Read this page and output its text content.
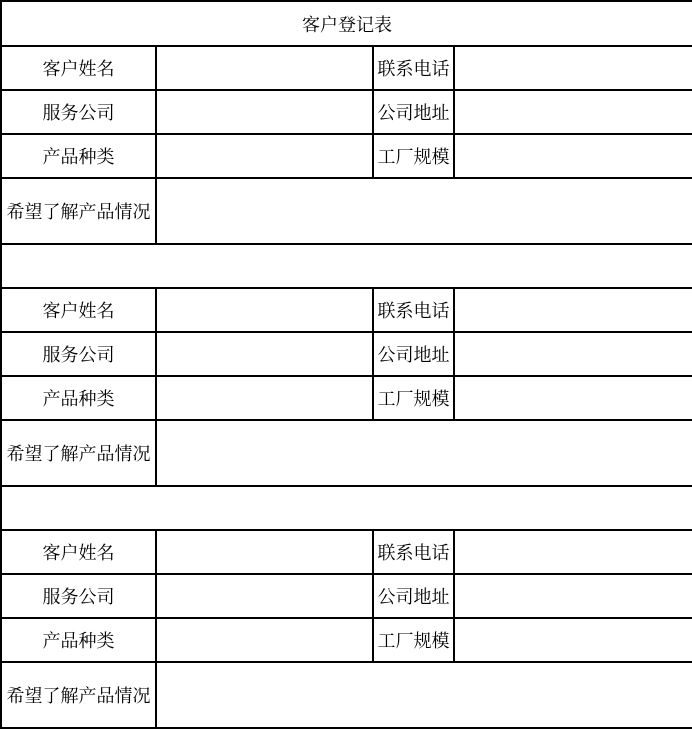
客户登记表			
客户姓名		联系电话	
服务公司		公司地址	
产品种类		工厂规模	
希望了解产品情况			

客户姓名		联系电话	
服务公司		公司地址	
产品种类		工厂规模	
希望了解产品情况			

客户姓名		联系电话	
服务公司		公司地址	
产品种类		工厂规模	
希望了解产品情况			
